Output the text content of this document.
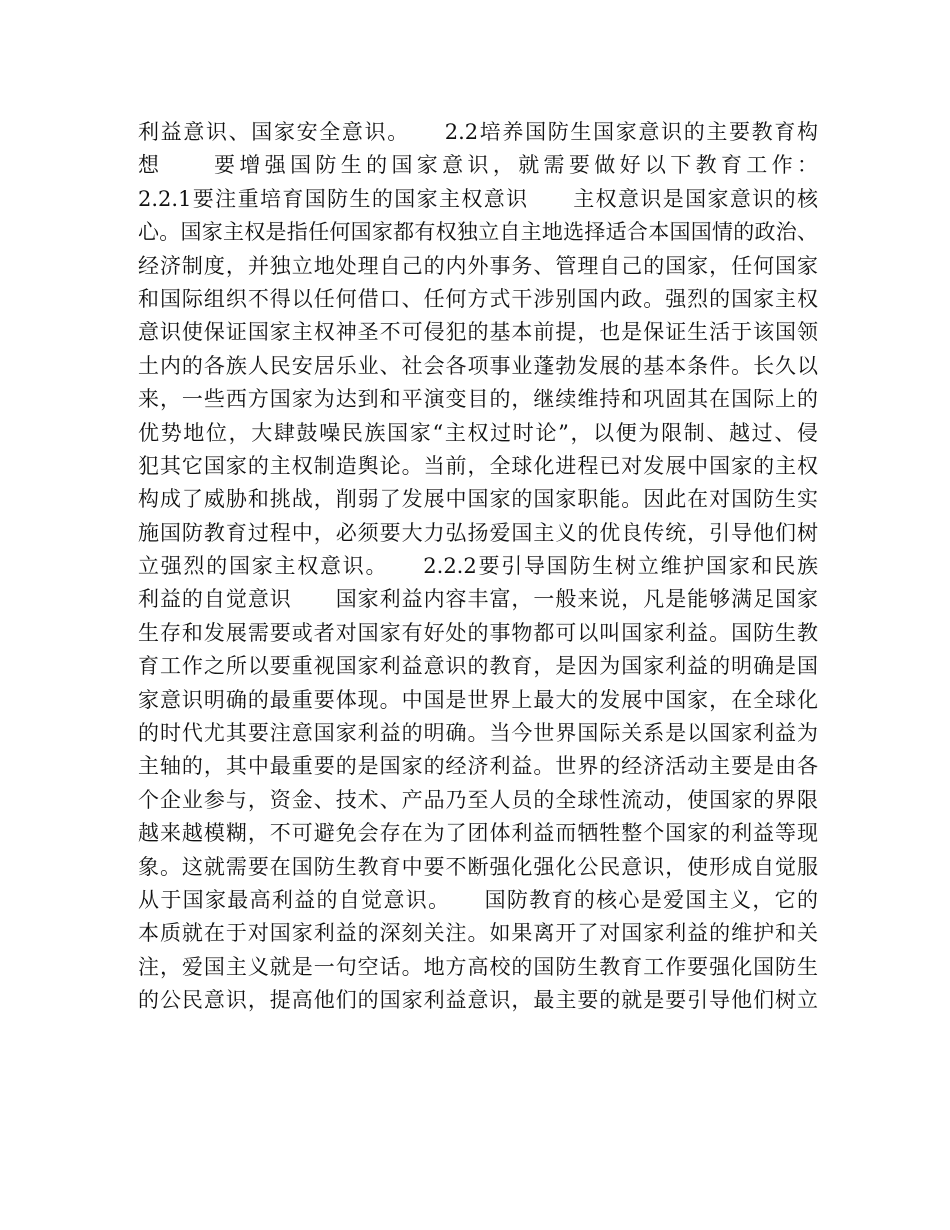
利益意识、国家安全意识。　　2.2培养国防生国家意识的主要教育构
想　　要增强国防生的国家意识，就需要做好以下教育工作：
2.2.1要注重培育国防生的国家主权意识　　主权意识是国家意识的核
心。国家主权是指任何国家都有权独立自主地选择适合本国国情的政治、
经济制度，并独立地处理自己的内外事务、管理自己的国家，任何国家
和国际组织不得以任何借口、任何方式干涉别国内政。强烈的国家主权
意识使保证国家主权神圣不可侵犯的基本前提，也是保证生活于该国领
土内的各族人民安居乐业、社会各项事业蓬勃发展的基本条件。长久以
来，一些西方国家为达到和平演变目的，继续维持和巩固其在国际上的
优势地位，大肆鼓噪民族国家“主权过时论”，以便为限制、越过、侵
犯其它国家的主权制造舆论。当前，全球化进程已对发展中国家的主权
构成了威胁和挑战，削弱了发展中国家的国家职能。因此在对国防生实
施国防教育过程中，必须要大力弘扬爱国主义的优良传统，引导他们树
立强烈的国家主权意识。　　2.2.2要引导国防生树立维护国家和民族
利益的自觉意识　　国家利益内容丰富，一般来说，凡是能够满足国家
生存和发展需要或者对国家有好处的事物都可以叫国家利益。国防生教
育工作之所以要重视国家利益意识的教育，是因为国家利益的明确是国
家意识明确的最重要体现。中国是世界上最大的发展中国家，在全球化
的时代尤其要注意国家利益的明确。当今世界国际关系是以国家利益为
主轴的，其中最重要的是国家的经济利益。世界的经济活动主要是由各
个企业参与，资金、技术、产品乃至人员的全球性流动，使国家的界限
越来越模糊，不可避免会存在为了团体利益而牺牲整个国家的利益等现
象。这就需要在国防生教育中要不断强化强化公民意识，使形成自觉服
从于国家最高利益的自觉意识。　　国防教育的核心是爱国主义，它的
本质就在于对国家利益的深刻关注。如果离开了对国家利益的维护和关
注，爱国主义就是一句空话。地方高校的国防生教育工作要强化国防生
的公民意识，提高他们的国家利益意识，最主要的就是要引导他们树立
